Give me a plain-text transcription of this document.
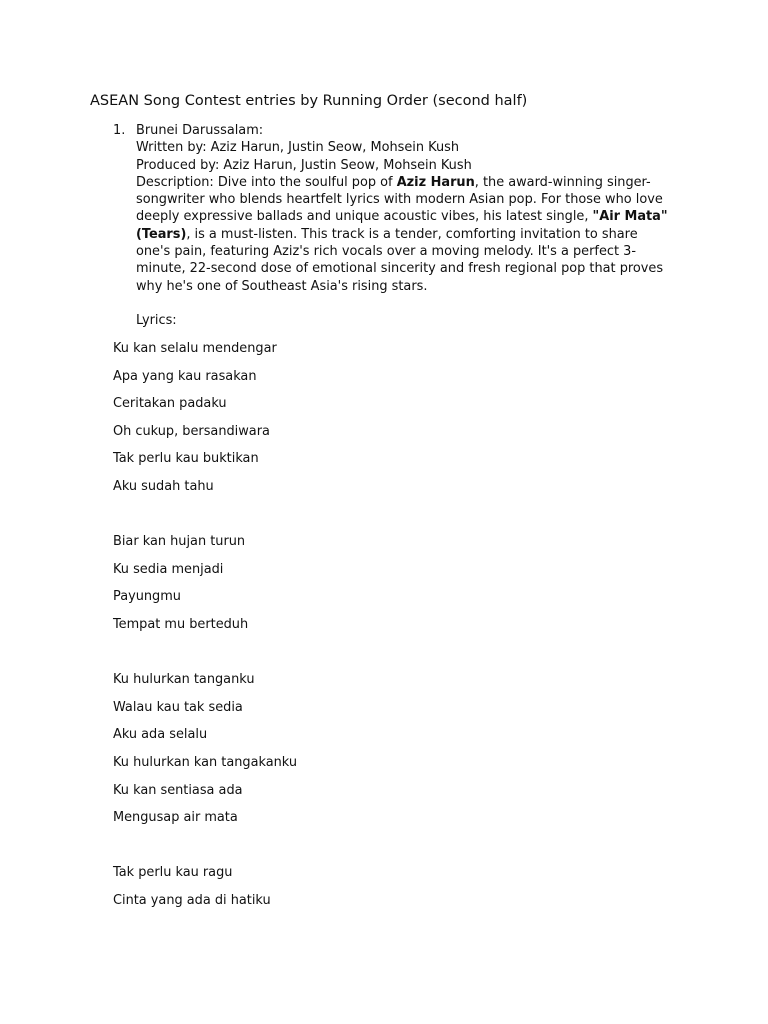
ASEAN Song Contest entries by Running Order (second half)
1. Brunei Darussalam:
Written by: Aziz Harun, Justin Seow, Mohsein Kush
Produced by: Aziz Harun, Justin Seow, Mohsein Kush
Description: Dive into the soulful pop of Aziz Harun, the award-winning singer-songwriter who blends heartfelt lyrics with modern Asian pop. For those who love deeply expressive ballads and unique acoustic vibes, his latest single, "Air Mata" (Tears), is a must-listen. This track is a tender, comforting invitation to share one's pain, featuring Aziz's rich vocals over a moving melody. It's a perfect 3-minute, 22-second dose of emotional sincerity and fresh regional pop that proves why he's one of Southeast Asia's rising stars.
Lyrics:
Ku kan selalu mendengar
Apa yang kau rasakan
Ceritakan padaku
Oh cukup, bersandiwara
Tak perlu kau buktikan
Aku sudah tahu
Biar kan hujan turun
Ku sedia menjadi
Payungmu
Tempat mu berteduh
Ku hulurkan tanganku
Walau kau tak sedia
Aku ada selalu
Ku hulurkan kan tangakanku
Ku kan sentiasa ada
Mengusap air mata
Tak perlu kau ragu
Cinta yang ada di hatiku
